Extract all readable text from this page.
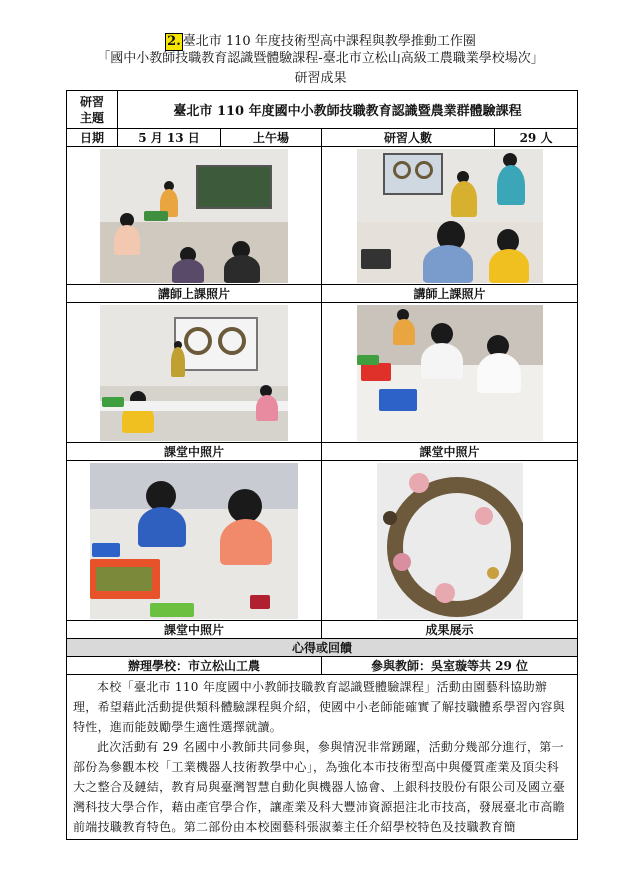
2. 臺北市 110 年度技術型高中課程與教學推動工作圈
「國中小教師技職教育認識暨體驗課程-臺北市立松山高級工農職業學校場次」
研習成果
研習
主題	臺北市 110 年度國中小教師技職教育認識暨農業群體驗課程			
日期	5 月 13 日	上午場	研習人數	29 人

講師上課照片			講師上課照片	

課堂中照片			課堂中照片	

課堂中照片			成果展示	
心得或回饋				
辦理學校：市立松山工農			參與教師：吳室璇等共 29 位	

本校「臺北市 110 年度國中小教師技職教育認識暨體驗課程」活動由園藝科協助辦理，希望藉此活動提供類科體驗課程與介紹，使國中小老師能確實了解技職體系學習內容與特性，進而能鼓勵學生適性選擇就讀。

此次活動有 29 名國中小教師共同參與，參與情況非常踴躍，活動分幾部分進行，第一部份為參觀本校「工業機器人技術教學中心」，為強化本市技術型高中與優質產業及頂尖科大之整合及鏈結，教育局與臺灣智慧自動化與機器人協會、上銀科技股份有限公司及國立臺灣科技大學合作，藉由產官學合作，讓產業及科大豐沛資源挹注北市技高，發展臺北市高瞻前端技職教育特色。第二部份由本校園藝科張淑蓁主任介紹學校特色及技職教育簡				
